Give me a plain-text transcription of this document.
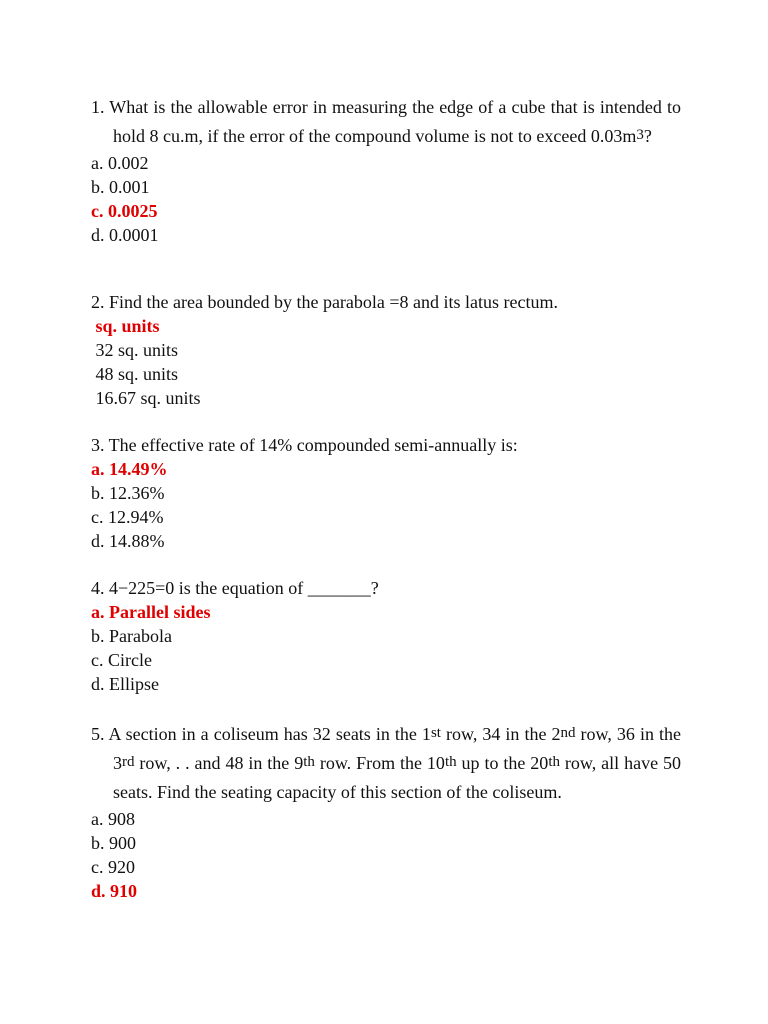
1. What is the allowable error in measuring the edge of a cube that is intended to hold 8 cu.m, if the error of the compound volume is not to exceed $0.03m^3$?

a. 0.002

b. 0.001

c. 0.0025

d. 0.0001

2. Find the area bounded by the parabola =8 and its latus rectum.

sq. units

32 sq. units

48 sq. units

16.67 sq. units

3. The effective rate of 14% compounded semi-annually is:

a. 14.49%

b. 12.36%

c. 12.94%

d. 14.88%

4. 4−225=0 is the equation of _______?

a. Parallel sides

b. Parabola

c. Circle

d. Ellipse

5. A section in a coliseum has 32 seats in the 1st row, 34 in the 2nd row, 36 in the 3rd row, . . and 48 in the 9th row. From the 10th up to the 20th row, all have 50 seats. Find the seating capacity of this section of the coliseum.

a. 908

b. 900

c. 920

d. 910
